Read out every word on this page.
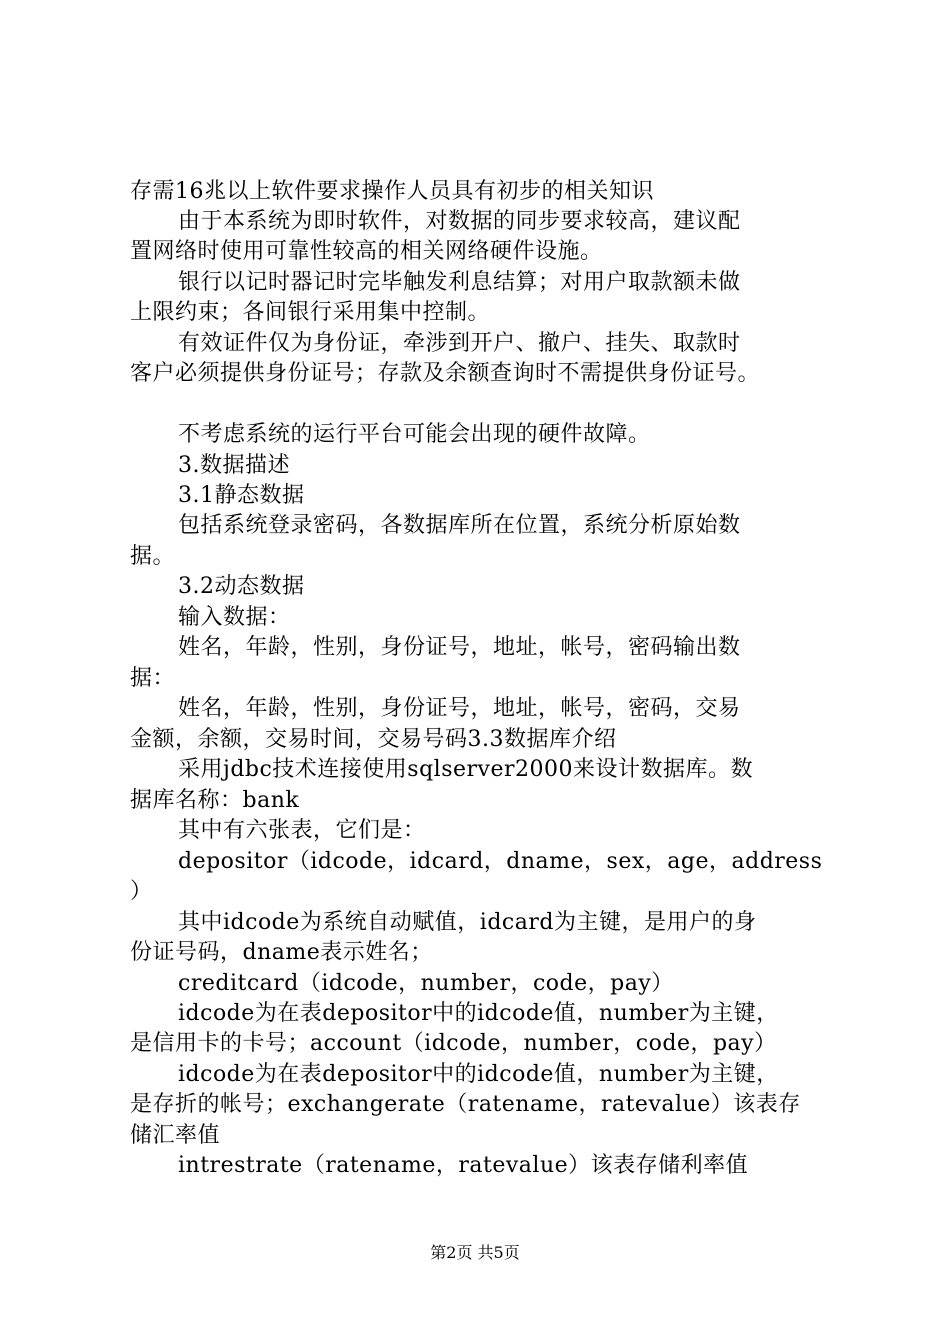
存需16兆以上软件要求操作人员具有初步的相关知识
由于本系统为即时软件，对数据的同步要求较高，建议配
置网络时使用可靠性较高的相关网络硬件设施。
银行以记时器记时完毕触发利息结算；对用户取款额未做
上限约束；各间银行采用集中控制。
有效证件仅为身份证，牵涉到开户、撤户、挂失、取款时
客户必须提供身份证号；存款及余额查询时不需提供身份证号。
不考虑系统的运行平台可能会出现的硬件故障。
3.数据描述
3.1静态数据
包括系统登录密码，各数据库所在位置，系统分析原始数
据。
3.2动态数据
输入数据：
姓名，年龄，性别，身份证号，地址，帐号，密码输出数
据：
姓名，年龄，性别，身份证号，地址，帐号，密码，交易
金额，余额，交易时间，交易号码3.3数据库介绍
采用jdbc技术连接使用sqlserver2000来设计数据库。数
据库名称：bank
其中有六张表，它们是：
depositor（idcode，idcard，dname，sex，age，address
）
其中idcode为系统自动赋值，idcard为主键，是用户的身
份证号码，dname表示姓名；
creditcard（idcode，number，code，pay）
idcode为在表depositor中的idcode值，number为主键，
是信用卡的卡号；account（idcode，number，code，pay）
idcode为在表depositor中的idcode值，number为主键，
是存折的帐号；exchangerate（ratename，ratevalue）该表存
储汇率值
intrestrate（ratename，ratevalue）该表存储利率值
第2页 共5页
